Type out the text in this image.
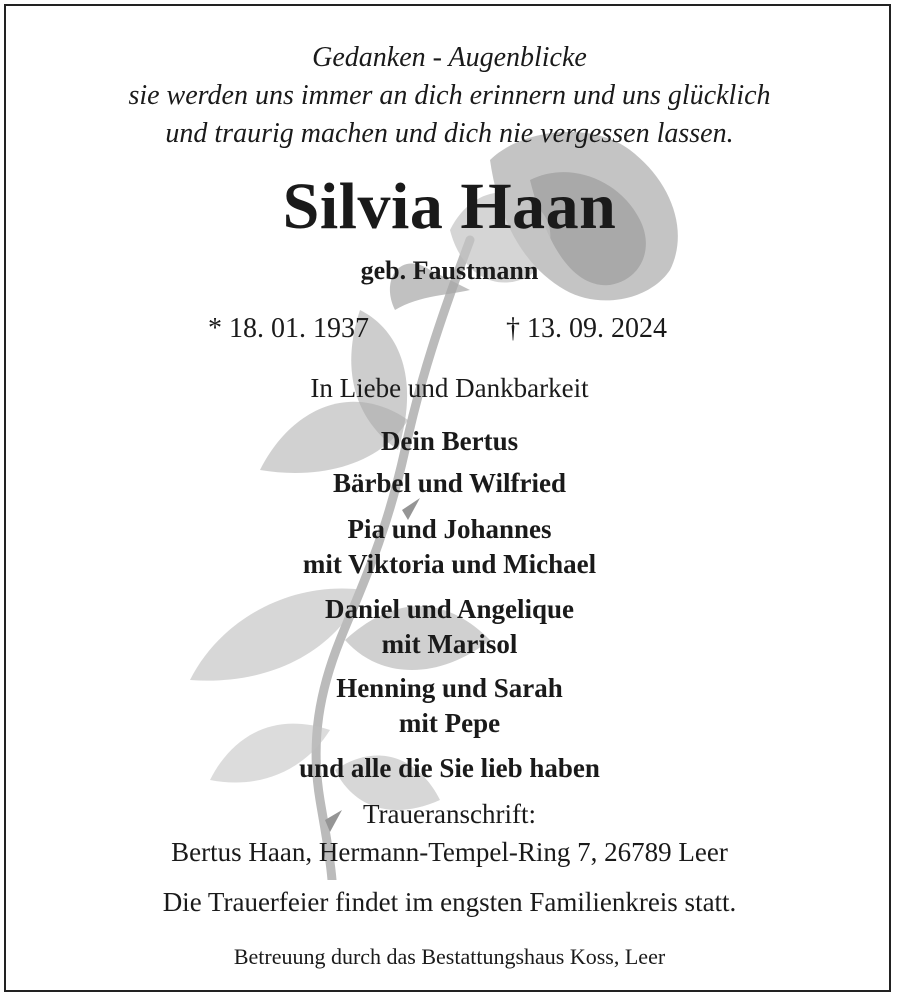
Gedanken - Augenblicke
sie werden uns immer an dich erinnern und uns glücklich
und traurig machen und dich nie vergessen lassen.
Silvia Haan
geb. Faustmann
* 18. 01. 1937	† 13. 09. 2024
In Liebe und Dankbarkeit
Dein Bertus
Bärbel und Wilfried
Pia und Johannes
mit Viktoria und Michael
Daniel und Angelique
mit Marisol
Henning und Sarah
mit Pepe
und alle die Sie lieb haben
Traueranschrift:
Bertus Haan, Hermann-Tempel-Ring 7, 26789 Leer
Die Trauerfeier findet im engsten Familienkreis statt.
Betreuung durch das Bestattungshaus Koss, Leer
